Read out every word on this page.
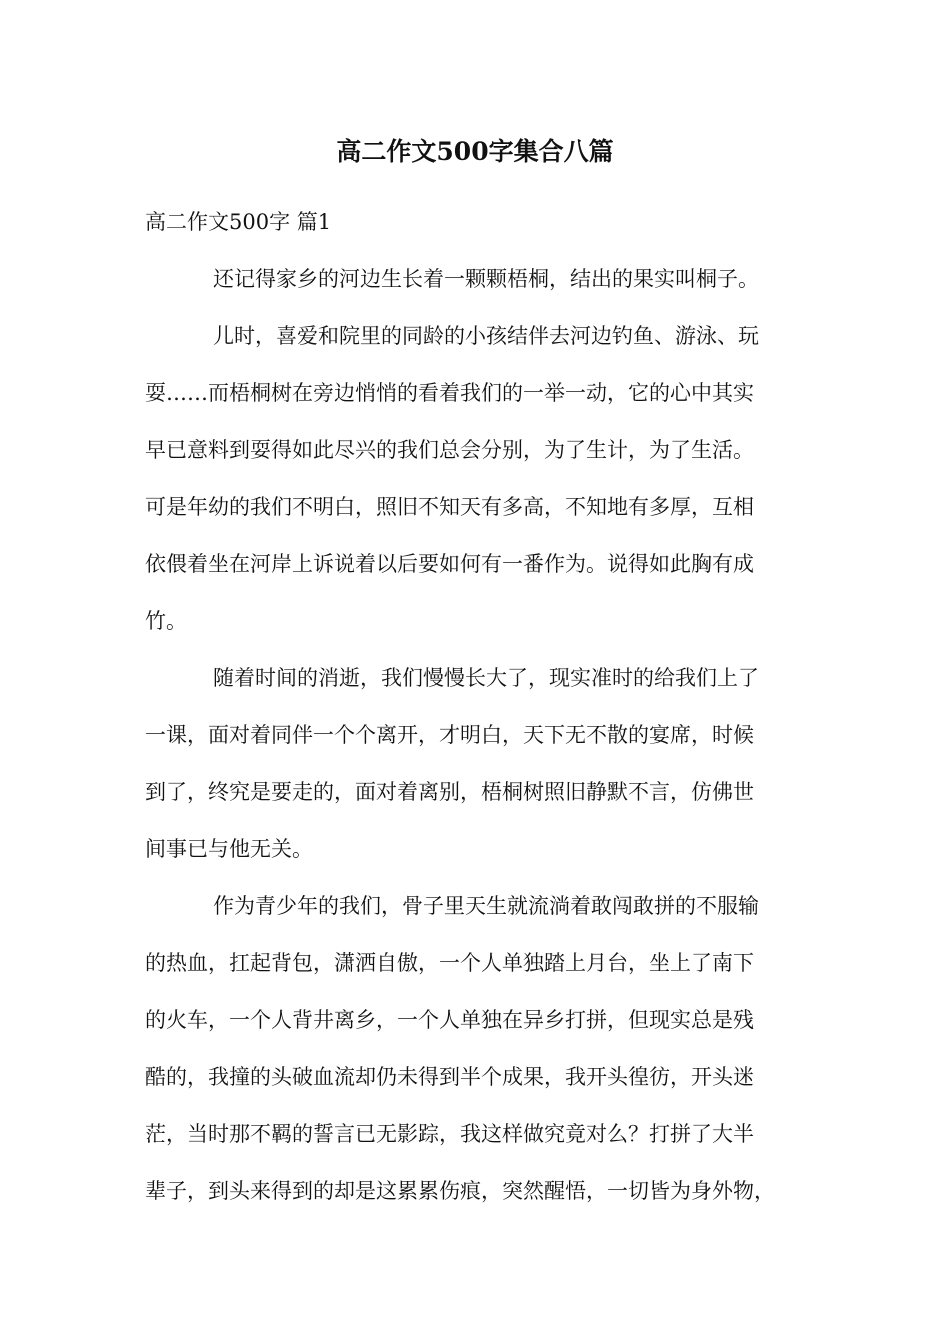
高二作文500字集合八篇
高二作文500字 篇1

还记得家乡的河边生长着一颗颗梧桐，结出的果实叫桐子。

儿时，喜爱和院里的同龄的小孩结伴去河边钓鱼、游泳、玩

耍……而梧桐树在旁边悄悄的看着我们的一举一动，它的心中其实

早已意料到耍得如此尽兴的我们总会分别，为了生计，为了生活。

可是年幼的我们不明白，照旧不知天有多高，不知地有多厚，互相

依偎着坐在河岸上诉说着以后要如何有一番作为。说得如此胸有成

竹。

随着时间的消逝，我们慢慢长大了，现实准时的给我们上了

一课，面对着同伴一个个离开，才明白，天下无不散的宴席，时候

到了，终究是要走的，面对着离别，梧桐树照旧静默不言，仿佛世

间事已与他无关。

作为青少年的我们，骨子里天生就流淌着敢闯敢拼的不服输

的热血，扛起背包，潇洒自傲，一个人单独踏上月台，坐上了南下

的火车，一个人背井离乡，一个人单独在异乡打拼，但现实总是残

酷的，我撞的头破血流却仍未得到半个成果，我开头徨彷，开头迷

茫，当时那不羁的誓言已无影踪，我这样做究竟对么？打拼了大半

辈子，到头来得到的却是这累累伤痕，突然醒悟，一切皆为身外物，
